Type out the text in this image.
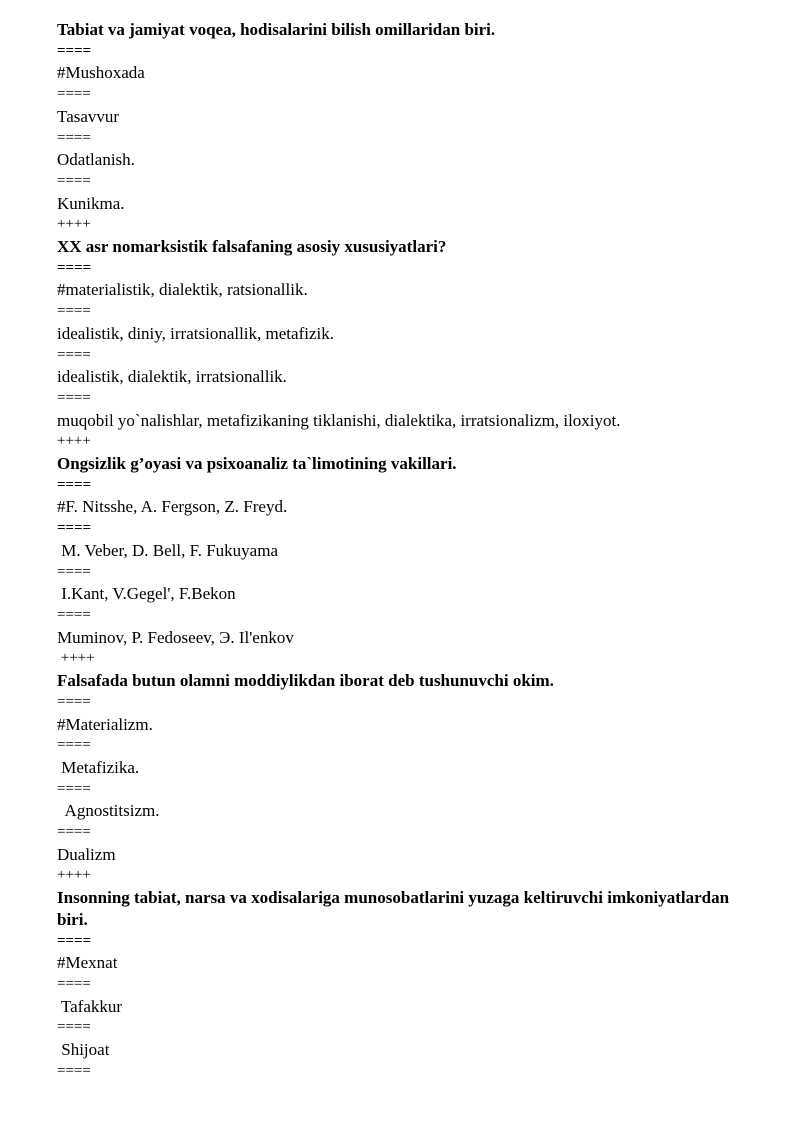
Tabiat va jamiyat voqea, hodisalarini bilish omillaridan biri.
====
#Mushoxada
====
Tasavvur
====
Odatlanish.
====
Kunikma.
++++
XX asr nomarksistik falsafaning asosiy xususiyatlari?
====
#materialistik, dialektik, ratsionallik.
====
idealistik, diniy, irratsionallik, metafizik.
====
idealistik, dialektik, irratsionallik.
====
muqobil yo`nalishlar, metafizikaning tiklanishi, dialektika, irratsionalizm, iloxiyot.
++++
Ongsizlik g’oyasi va psixoanaliz ta`limotining vakillari.
====
#F. Nitsshe, A. Fergson, Z. Freyd.
====
M. Veber, D. Bell, F. Fukuyama
====
I.Kant, V.Gegel', F.Bekon
====
Muminov, P. Fedoseev, Э. Il'enkov
++++
Falsafada butun olamni moddiylikdan iborat deb tushunuvchi okim.
====
#Materializm.
====
Metafizika.
====
Agnostitsizm.
====
Dualizm
++++
Insonning tabiat, narsa va xodisalariga munosobatlarini yuzaga keltiruvchi imkoniyatlardan biri.
====
#Mexnat
====
Tafakkur
====
Shijoat
====
